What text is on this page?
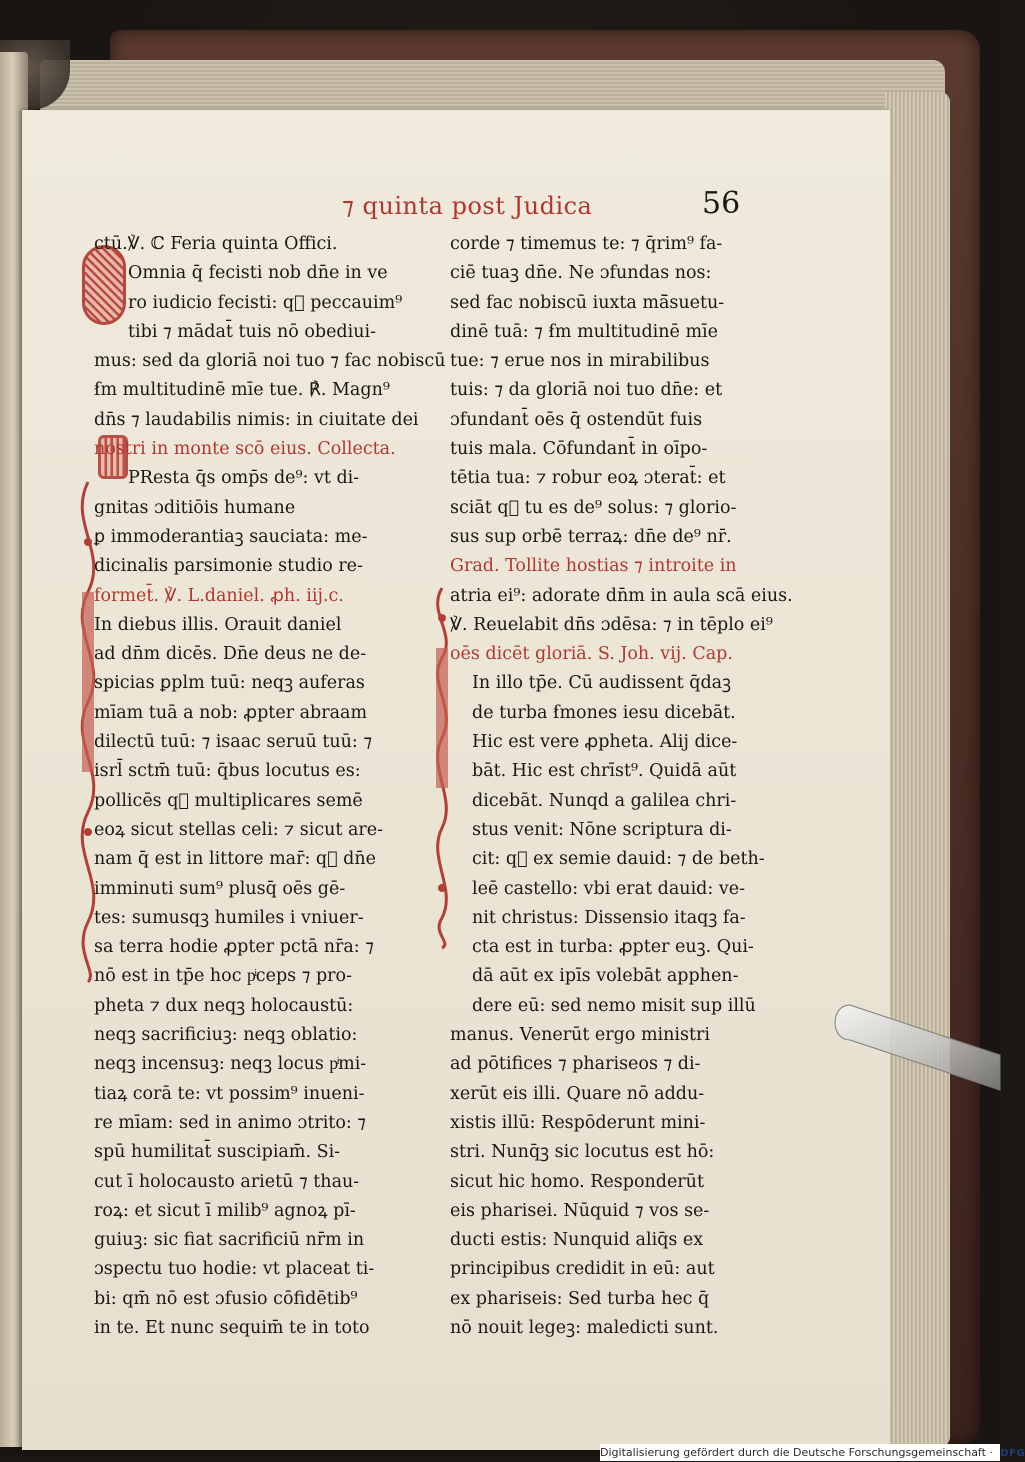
⁊ quinta post Judica	56
ctū.℣. ℂ Feria quinta Offici.
Omnia q̄ fecisti nob dn̄e in ve
ro iudicio fecisti: q᷑ peccauim⁹
tibi ⁊ mādat̄ tuis nō obediui-
mus: sed da gloriā noi tuo ⁊ fac nobiscū
ẜm multitudinē mīe tue. ℟. Magn⁹
dn̄s ⁊ laudabilis nimis: in ciuitate dei
nostri in monte scō eius. Collecta.
PResta q̄s omp̄s de⁹: vt di-
gnitas ɔditiōis humane
ꝑ immoderantiaꝫ sauciata: me-
dicinalis parsimonie studio re-
formet̄. ℣. L.daniel. ꝓh. iij.c.
In diebus illis. Orauit daniel
ad dn̄m dicēs. Dn̄e deus ne de-
spicias ꝑplm tuū: neqꝫ auferas
mīam tuā a nob: ꝓpter abraam
dilectū tuū: ⁊ isaac seruū tuū: ⁊
isrl̄ sctm̄ tuū: q̄bus locutus es:
pollicēs q᷑ multiplicares semē
eoꝝ sicut stellas celi: ⁊ sicut are-
nam q̄ est in littore mar̄: q᷑ dn̄e
imminuti sum⁹ plusq̄ oēs gē-
tes: sumusqꝫ humiles i vniuer-
sa terra hodie ꝓpter pctā nr̄a: ⁊
nō est in tp̄e hoc pͥceps ⁊ pro-
pheta ⁊ dux neqꝫ holocaustū:
neqꝫ sacrificiuꝫ: neqꝫ oblatio:
neqꝫ incensuꝫ: neqꝫ locus pͥmi-
tiaꝝ corā te: vt possim⁹ inueni-
re mīam: sed in animo ɔtrito: ⁊
spū humilitat̄ suscipiam̄. Si-
cut ī holocausto arietū ⁊ thau-
roꝝ: et sicut ī milib⁹ agnoꝝ pī-
guiuꝫ: sic fiat sacrificiū nr̄m in
ɔspectu tuo hodie: vt placeat ti-
bi: qm̄ nō est ɔfusio cōfidētib⁹
in te. Et nunc sequim̄ te in toto
corde ⁊ timemus te: ⁊ q̄rim⁹ fa-
ciē tuaꝫ dn̄e. Ne ɔfundas nos:
sed fac nobiscū iuxta mā̄suetu-
dinē tuā: ⁊ ẜm multitudinē mīe
tue: ⁊ erue nos in mirabilibus
tuis: ⁊ da gloriā noi tuo dn̄e: et
ɔfundant̄ oēs q̄ ostendūt fuis
tuis mala. Cōfundant̄ in oīpo-
tētia tua: ⁊ robur eoꝝ ɔterat̄: et
sciāt q᷑ tu es de⁹ solus: ⁊ glorio-
sus sup orbē terraꝝ: dn̄e de⁹ nr̄.
Grad. Tollite hostias ⁊ introite in
atria ei⁹: adorate dn̄m in aula scā eius.
℣. Reuelabit dn̄s ɔdēsa: ⁊ in tēplo ei⁹
oēs dicēt gloriā. S. Joh. vij. Cap.
In illo tp̄e. Cū audissent q̄daꝫ
de turba ẜmones iesu dicebāt.
Hic est vere ꝓpheta. Alij dice-
bāt. Hic est chrīst⁹. Quidā aūt
dicebāt. Nunqd a galilea chri-
stus venit: Nōne scriptura di-
cit: q᷑ ex semie dauid: ⁊ de beth-
leē castello: vbi erat dauid: ve-
nit christus: Dissensio itaqꝫ fa-
cta est in turba: ꝓpter euꝫ. Qui-
dā aūt ex ipīs volebāt apphen-
dere eū: sed nemo misit sup illū
manus. Venerūt ergo ministri
ad pōtifices ⁊ phariseos ⁊ di-
xerūt eis illi. Quare nō addu-
xistis illū: Respōderunt mini-
stri. Nunq̄ꝫ sic locutus est hō:
sicut hic homo. Responderūt
eis pharisei. Nūquid ⁊ vos se-
ducti estis: Nunquid aliq̄s ex
principibus credidit in eū: aut
ex phariseis: Sed turba hec q̄
nō nouit legeꝫ: maledicti sunt.
Digitalisierung gefördert durch die Deutsche Forschungsgemeinschaft · DFG
